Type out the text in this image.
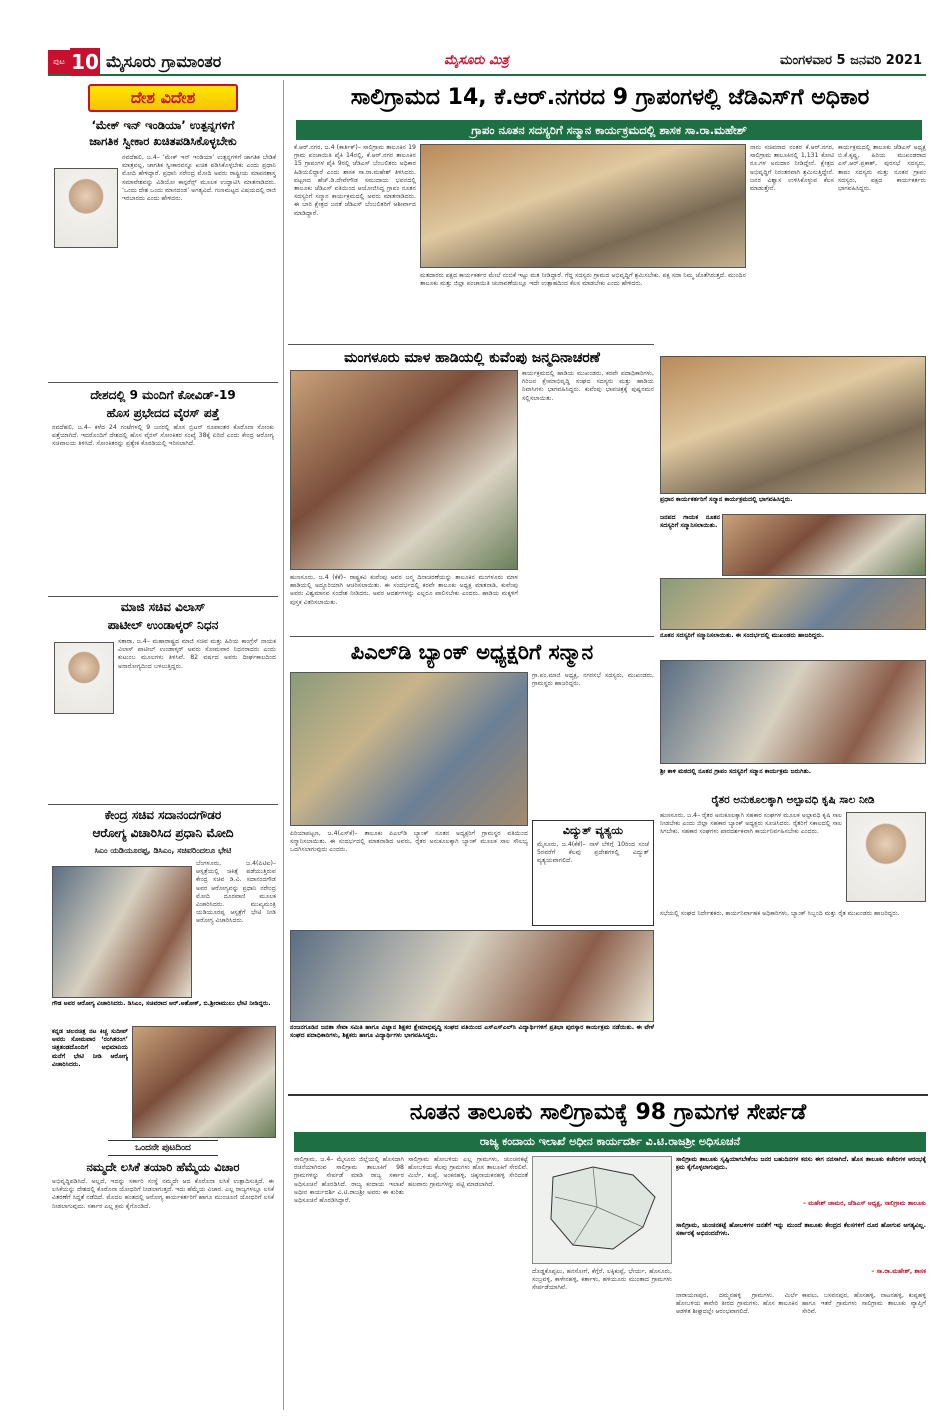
ಪುಟ 10 ಮೈಸೂರು ಗ್ರಾಮಾಂತರ	ಮೈಸೂರು ಮಿತ್ರ	ಮಂಗಳವಾರ 5 ಜನವರಿ 2021
ದೇಶ ವಿದೇಶ
‘ಮೇಕ್ ಇನ್ ಇಂಡಿಯಾ’ ಉತ್ಪನ್ನಗಳಿಗೆ
ಜಾಗತಿಕ ಸ್ವೀಕಾರ ಖಚಿತಪಡಿಸಿಕೊಳ್ಳಬೇಕು
ನವದೆಹಲಿ, ಜ.4– ‘ಮೇಕ್ ಇನ್ ಇಂಡಿಯಾ’ ಉತ್ಪನ್ನಗಳಿಗೆ ಜಾಗತಿಕ ಬೇಡಿಕೆ ಮಾತ್ರವಲ್ಲ, ಜಾಗತಿಕ ಸ್ವೀಕಾರವನ್ನೂ ಖಚಿತ ಪಡಿಸಿಕೊಳ್ಳಬೇಕು ಎಂದು ಪ್ರಧಾನಿ ಮೋದಿ ಹೇಳಿದ್ದಾರೆ. ಪ್ರಧಾನಿ ನರೇಂದ್ರ ಮೋದಿ ಅವರು ರಾಷ್ಟ್ರೀಯ ಮಾಪನಶಾಸ್ತ್ರ ಸಮಾವೇಶವನ್ನು ವಿಡಿಯೋ ಕಾನ್ಫರೆನ್ಸ್ ಮೂಲಕ ಉದ್ಘಾಟಿಸಿ ಮಾತನಾಡಿದರು. ‘ಒಂದು ದೇಶ ಒಂದು ಮಾನದಂಡ’ ಅಗತ್ಯವಿದೆ. ಗುಣಮಟ್ಟದ ವಿಷಯದಲ್ಲಿ ರಾಜಿ ಇರಬಾರದು ಎಂದು ಹೇಳಿದರು.
ದೇಶದಲ್ಲಿ 9 ಮಂದಿಗೆ ಕೋವಿಡ್-19
ಹೊಸ ಪ್ರಭೇದದ ವೈರಸ್ ಪತ್ತೆ
ನವದೆಹಲಿ, ಜ.4– ಕಳೆದ 24 ಗಂಟೆಗಳಲ್ಲಿ 9 ಜನರಲ್ಲಿ ಹೊಸ ಬ್ರಿಟನ್ ರೂಪಾಂತರ ಕೊರೊನಾ ಸೋಂಕು ಪತ್ತೆಯಾಗಿದೆ. ಇದರೊಂದಿಗೆ ದೇಶದಲ್ಲಿ ಹೊಸ ವೈರಸ್ ಸೋಂಕಿತರ ಸಂಖ್ಯೆ 38ಕ್ಕೆ ಏರಿದೆ ಎಂದು ಕೇಂದ್ರ ಆರೋಗ್ಯ ಸಚಿವಾಲಯ ತಿಳಿಸಿದೆ. ಸೋಂಕಿತರನ್ನು ಪ್ರತ್ಯೇಕ ಕೊಠಡಿಯಲ್ಲಿ ಇರಿಸಲಾಗಿದೆ.
ಮಾಜಿ ಸಚಿವ ವಿಲಾಸ್
ಪಾಟೀಲ್ ಉಂಡಾಳ್ಕರ್ ನಿಧನ
ಸತಾರಾ, ಜ.4– ಮಹಾರಾಷ್ಟ್ರದ ಮಾಜಿ ಸಚಿವ ಮತ್ತು ಹಿರಿಯ ಕಾಂಗ್ರೆಸ್ ನಾಯಕ ವಿಲಾಸ್ ಪಾಟೀಲ್ ಉಂಡಾಳ್ಕರ್ ಅವರು ಸೋಮವಾರ ನಿಧನರಾದರು ಎಂದು ಕುಟುಂಬ ಮೂಲಗಳು ತಿಳಿಸಿವೆ. 82 ವರ್ಷದ ಅವರು ದೀರ್ಘಕಾಲದಿಂದ ಅನಾರೋಗ್ಯದಿಂದ ಬಳಲುತ್ತಿದ್ದರು.
ಕೇಂದ್ರ ಸಚಿವ ಸದಾನಂದಗೌಡರ
ಆರೋಗ್ಯ ವಿಚಾರಿಸಿದ ಪ್ರಧಾನಿ ಮೋದಿ
ಸಿಎಂ ಯಡಿಯೂರಪ್ಪ, ಡಿಸಿಎಂ, ಸಚಿವರಿಂದಲೂ ಭೇಟಿ
ಬೆಂಗಳೂರು, ಜ.4(ಪಿಟಿಐ)– ಆಸ್ಪತ್ರೆಯಲ್ಲಿ ಚಿಕಿತ್ಸೆ ಪಡೆಯುತ್ತಿರುವ ಕೇಂದ್ರ ಸಚಿವ ಡಿ.ವಿ. ಸದಾನಂದಗೌಡ ಅವರ ಆರೋಗ್ಯವನ್ನು ಪ್ರಧಾನಿ ನರೇಂದ್ರ ಮೋದಿ ದೂರವಾಣಿ ಮೂಲಕ ವಿಚಾರಿಸಿದರು. ಮುಖ್ಯಮಂತ್ರಿ ಯಡಿಯೂರಪ್ಪ ಆಸ್ಪತ್ರೆಗೆ ಭೇಟಿ ನೀಡಿ ಆರೋಗ್ಯ ವಿಚಾರಿಸಿದರು.
ಗೌಡ ಅವರ ಆರೋಗ್ಯ ವಿಚಾರಿಸಿದರು. ಡಿಸಿಎಂ, ಸಚಿವರಾದ ಆರ್.ಅಶೋಕ್, ಬಿ.ಶ್ರೀರಾಮುಲು ಭೇಟಿ ನೀಡಿದ್ದರು.
ಕನ್ನಡ ಚಲನಚಿತ್ರ ನಟ ಕಿಚ್ಚ ಸುದೀಪ್ ಅವರು ಸೋಮವಾರ ‘ರಂಗಿತರಂಗ’ ಚಿತ್ರತಂಡದೊಂದಿಗೆ ಅಭಿಮಾನಿಯ ಮನೆಗೆ ಭೇಟಿ ನೀಡಿ ಆರೋಗ್ಯ ವಿಚಾರಿಸಿದರು.
ಒಂದನೇ ಪುಟದಿಂದ
ನಮ್ಮದೇ ಲಸಿಕೆ ತಯಾರಿ ಹೆಮ್ಮೆಯ ವಿಚಾರ
ಅಭಿವೃದ್ಧಿಪಡಿಸಿದೆ. ಅಲ್ಲದೆ, ಇದನ್ನು ಸರ್ಕಾರಿ ಸಂಸ್ಥೆ ನಮ್ಮದೇ ಆದ ಕೊರೊನಾ ಲಸಿಕೆ ಉತ್ಪಾದಿಸುತ್ತಿದೆ. ಈ ಲಸಿಕೆಯನ್ನು ದೇಶದಲ್ಲಿ ಕೊರೊನಾ ಯೋಧರಿಗೆ ನೀಡಲಾಗುತ್ತದೆ. ಇದು ಹೆಮ್ಮೆಯ ವಿಚಾರ. ಎಲ್ಲ ರಾಜ್ಯಗಳಲ್ಲೂ ಲಸಿಕೆ ವಿತರಣೆಗೆ ಸಿದ್ಧತೆ ನಡೆದಿದೆ. ಮೊದಲ ಹಂತದಲ್ಲಿ ಆರೋಗ್ಯ ಕಾರ್ಯಕರ್ತರಿಗೆ ಹಾಗೂ ಮುಂಚೂಣಿ ಯೋಧರಿಗೆ ಲಸಿಕೆ ನೀಡಲಾಗುವುದು. ಸರ್ಕಾರ ಎಲ್ಲ ಕ್ರಮ ಕೈಗೊಂಡಿದೆ.
ಸಾಲಿಗ್ರಾಮದ 14, ಕೆ.ಆರ್.ನಗರದ 9 ಗ್ರಾಪಂಗಳಲ್ಲಿ ಜೆಡಿಎಸ್‌ಗೆ ಅಧಿಕಾರ
ಗ್ರಾಪಂ ನೂತನ ಸದಸ್ಯರಿಗೆ ಸನ್ಮಾನ ಕಾರ್ಯಕ್ರಮದಲ್ಲಿ ಶಾಸಕ ಸಾ.ರಾ.ಮಹೇಶ್
ಕೆ.ಆರ್.ನಗರ, ಜ.4 (ಕಾರ್ತಿಕ್)– ಸಾಲಿಗ್ರಾಮ ತಾಲೂಕಿನ 19 ಗ್ರಾಮ ಪಂಚಾಯಿತಿ ಪೈಕಿ 14ರಲ್ಲಿ, ಕೆ.ಆರ್.ನಗರ ತಾಲೂಕಿನ 15 ಗ್ರಾಪಂಗಳ ಪೈಕಿ 9ರಲ್ಲಿ ಜೆಡಿಎಸ್ ಬೆಂಬಲಿತರು ಅಧಿಕಾರ ಹಿಡಿಯಲಿದ್ದಾರೆ ಎಂದು ಶಾಸಕ ಸಾ.ರಾ.ಮಹೇಶ್ ತಿಳಿಸಿದರು. ಪಟ್ಟಣದ ಹೆಚ್.ಡಿ.ದೇವೇಗೌಡ ಸಮುದಾಯ ಭವನದಲ್ಲಿ ತಾಲೂಕು ಜೆಡಿಎಸ್ ವತಿಯಿಂದ ಆಯೋಜಿಸಿದ್ದ ಗ್ರಾಪಂ ನೂತನ ಸದಸ್ಯರಿಗೆ ಸನ್ಮಾನ ಕಾರ್ಯಕ್ರಮದಲ್ಲಿ ಅವರು ಮಾತನಾಡಿದರು. ಈ ಬಾರಿ ಕ್ಷೇತ್ರದ ಜನತೆ ಜೆಡಿಎಸ್ ಬೆಂಬಲಿತರಿಗೆ ಆಶೀರ್ವಾದ ಮಾಡಿದ್ದಾರೆ.
ಮತದಾರರು ಪಕ್ಷದ ಕಾರ್ಯಕರ್ತರ ಮೇಲೆ ನಂಬಿಕೆ ಇಟ್ಟು ಮತ ನೀಡಿದ್ದಾರೆ. ಗೆದ್ದ ಸದಸ್ಯರು ಗ್ರಾಮದ ಅಭಿವೃದ್ಧಿಗೆ ಶ್ರಮಿಸಬೇಕು. ಪಕ್ಷ ಸದಾ ನಿಮ್ಮ ಜೊತೆಗಿರುತ್ತದೆ. ಮುಂದಿನ ತಾಲೂಕು ಮತ್ತು ಜಿಲ್ಲಾ ಪಂಚಾಯಿತಿ ಚುನಾವಣೆಯಲ್ಲೂ ಇದೇ ಉತ್ಸಾಹದಿಂದ ಕೆಲಸ ಮಾಡಬೇಕು ಎಂದು ಹೇಳಿದರು.
ನಾನು ಸಚಿವನಾದ ನಂತರ ಕೆ.ಆರ್.ನಗರ, ಸಾಲಿಗ್ರಾಮ ತಾಲೂಕಿನಲ್ಲಿ 1,131 ಕೋಟಿ ರೂ.ಗಳ ಅನುದಾನ ನೀಡಿದ್ದೇನೆ. ಕ್ಷೇತ್ರದ ಅಭಿವೃದ್ಧಿಗೆ ನಿರಂತರವಾಗಿ ಶ್ರಮಿಸುತ್ತಿದ್ದೇನೆ. ಜನರ ವಿಶ್ವಾಸ ಉಳಿಸಿಕೊಳ್ಳುವ ಕೆಲಸ ಮಾಡುತ್ತೇನೆ.
ಕಾರ್ಯಕ್ರಮದಲ್ಲಿ ತಾಲೂಕು ಜೆಡಿಎಸ್ ಅಧ್ಯಕ್ಷ ಬಿ.ಕೆ.ಕೃಷ್ಣ, ಹಿರಿಯ ಮುಖಂಡರಾದ ಎಸ್.ಆರ್.ಪ್ರಕಾಶ್, ಪುರಸಭೆ ಸದಸ್ಯರು, ತಾಪಂ ಸದಸ್ಯರು ಮತ್ತು ನೂತನ ಗ್ರಾಪಂ ಸದಸ್ಯರು, ಪಕ್ಷದ ಕಾರ್ಯಕರ್ತರು ಭಾಗವಹಿಸಿದ್ದರು.
ಮಂಗಳೂರು ಮಾಳ ಹಾಡಿಯಲ್ಲಿ ಕುವೆಂಪು ಜನ್ಮದಿನಾಚರಣೆ
ಹುಣಸೂರು, ಜ.4 (ಕೆಕೆ)– ರಾಷ್ಟ್ರಕವಿ ಕುವೆಂಪು ಅವರ ಜನ್ಮ ದಿನಾಚರಣೆಯನ್ನು ತಾಲೂಕಿನ ಮಂಗಳೂರು ಮಾಳ ಹಾಡಿಯಲ್ಲಿ ಅದ್ದೂರಿಯಾಗಿ ಆಚರಿಸಲಾಯಿತು. ಈ ಸಂದರ್ಭದಲ್ಲಿ ಕರವೇ ತಾಲೂಕು ಅಧ್ಯಕ್ಷ ಮಾತನಾಡಿ, ಕುವೆಂಪು ಅವರು ವಿಶ್ವಮಾನವ ಸಂದೇಶ ನೀಡಿದರು. ಅವರ ಆದರ್ಶಗಳನ್ನು ಎಲ್ಲರೂ ಪಾಲಿಸಬೇಕು ಎಂದರು. ಹಾಡಿಯ ಮಕ್ಕಳಿಗೆ ಪುಸ್ತಕ ವಿತರಿಸಲಾಯಿತು.
ಕಾರ್ಯಕ್ರಮದಲ್ಲಿ ಹಾಡಿಯ ಮುಖಂಡರು, ಕರವೇ ಪದಾಧಿಕಾರಿಗಳು, ಗಿರಿಜನ ಕ್ಷೇಮಾಭಿವೃದ್ಧಿ ಸಂಘದ ಸದಸ್ಯರು ಮತ್ತು ಹಾಡಿಯ ನಿವಾಸಿಗಳು ಭಾಗವಹಿಸಿದ್ದರು. ಕುವೆಂಪು ಭಾವಚಿತ್ರಕ್ಕೆ ಪುಷ್ಪನಮನ ಸಲ್ಲಿಸಲಾಯಿತು.
ಪಿಎಲ್‌ಡಿ ಬ್ಯಾಂಕ್ ಅಧ್ಯಕ್ಷರಿಗೆ ಸನ್ಮಾನ
ಪಿರಿಯಾಪಟ್ಟಣ, ಜ.4(ಎಸ್‌ಕೆ)– ತಾಲೂಕು ಪಿಎಲ್‌ಡಿ ಬ್ಯಾಂಕ್ ನೂತನ ಅಧ್ಯಕ್ಷರಿಗೆ ಗ್ರಾಮಸ್ಥರ ವತಿಯಿಂದ ಸನ್ಮಾನಿಸಲಾಯಿತು. ಈ ಸಂದರ್ಭದಲ್ಲಿ ಮಾತನಾಡಿದ ಅವರು, ರೈತರ ಅನುಕೂಲಕ್ಕಾಗಿ ಬ್ಯಾಂಕ್ ಮೂಲಕ ಸಾಲ ಸೌಲಭ್ಯ ಒದಗಿಸಲಾಗುವುದು ಎಂದರು.
ಗ್ರಾ.ಪಂ.ಮಾಜಿ ಅಧ್ಯಕ್ಷ, ನಗರಸಭೆ ಸದಸ್ಯರು, ಮುಖಂಡರು, ಗ್ರಾಮಸ್ಥರು ಹಾಜರಿದ್ದರು.
ವಿದ್ಯುತ್ ವ್ಯತ್ಯಯ
ಮೈಸೂರು, ಜ.4(ಕೆಕೆ)– ನಾಳೆ ಬೆಳಿಗ್ಗೆ 10ರಿಂದ ಸಂಜೆ 5ರವರೆಗೆ ಕೆಲವು ಪ್ರದೇಶಗಳಲ್ಲಿ ವಿದ್ಯುತ್ ವ್ಯತ್ಯಯವಾಗಲಿದೆ.
ನಂಜನಗೂಡಿನ ಜನತಾ ಸೇವಾ ಸಮಿತಿ ಹಾಗೂ ವಿಜ್ಞಾನ ಶಿಕ್ಷಕರ ಕ್ಷೇಮಾಭಿವೃದ್ಧಿ ಸಂಘದ ವತಿಯಿಂದ ಎಸ್‌ಎಸ್‌ಎಲ್‌ಸಿ ವಿದ್ಯಾರ್ಥಿಗಳಿಗೆ ಪ್ರತಿಭಾ ಪುರಸ್ಕಾರ ಕಾರ್ಯಕ್ರಮ ನಡೆಯಿತು. ಈ ವೇಳೆ ಸಂಘದ ಪದಾಧಿಕಾರಿಗಳು, ಶಿಕ್ಷಕರು ಹಾಗೂ ವಿದ್ಯಾರ್ಥಿಗಳು ಭಾಗವಹಿಸಿದ್ದರು.
ಪ್ರಧಾನ ಕಾರ್ಯಕರ್ತರಿಗೆ ಸನ್ಮಾನ ಕಾರ್ಯಕ್ರಮದಲ್ಲಿ ಭಾಗವಹಿಸಿದ್ದರು.
ಜನಪದ ಗಾಯಕ ನೂತನ ಸದಸ್ಯರಿಗೆ ಸನ್ಮಾನಿಸಲಾಯಿತು.
ನೂತನ ಸದಸ್ಯರಿಗೆ ಸನ್ಮಾನಿಸಲಾಯಿತು. ಈ ಸಂದರ್ಭದಲ್ಲಿ ಮುಖಂಡರು ಹಾಜರಿದ್ದರು.
ಶ್ರೀ ಕಾಳಿ ಮಠದಲ್ಲಿ ನೂತನ ಗ್ರಾಪಂ ಸದಸ್ಯರಿಗೆ ಸನ್ಮಾನ ಕಾರ್ಯಕ್ರಮ ಜರುಗಿತು.
ರೈತರ ಅನುಕೂಲಕ್ಕಾಗಿ ಅಲ್ಪಾವಧಿ ಕೃಷಿ ಸಾಲ ನೀಡಿ
ಹುಣಸೂರು, ಜ.4– ರೈತರ ಅನುಕೂಲಕ್ಕಾಗಿ ಸಹಕಾರ ಸಂಘಗಳ ಮೂಲಕ ಅಲ್ಪಾವಧಿ ಕೃಷಿ ಸಾಲ ನೀಡಬೇಕು ಎಂದು ಜಿಲ್ಲಾ ಸಹಕಾರ ಬ್ಯಾಂಕ್ ಅಧ್ಯಕ್ಷರು ಸೂಚಿಸಿದರು. ರೈತರಿಗೆ ಸಕಾಲದಲ್ಲಿ ಸಾಲ ಸಿಗಬೇಕು. ಸಹಕಾರ ಸಂಘಗಳು ಪಾರದರ್ಶಕವಾಗಿ ಕಾರ್ಯನಿರ್ವಹಿಸಬೇಕು ಎಂದರು.
ಸಭೆಯಲ್ಲಿ ಸಂಘದ ನಿರ್ದೇಶಕರು, ಕಾರ್ಯನಿರ್ವಾಹಕ ಅಧಿಕಾರಿಗಳು, ಬ್ಯಾಂಕ್ ಸಿಬ್ಬಂದಿ ಮತ್ತು ರೈತ ಮುಖಂಡರು ಹಾಜರಿದ್ದರು.
ನೂತನ ತಾಲೂಕು ಸಾಲಿಗ್ರಾಮಕ್ಕೆ 98 ಗ್ರಾಮಗಳ ಸೇರ್ಪಡೆ
ರಾಜ್ಯ ಕಂದಾಯ ಇಲಾಖೆ ಅಧೀನ ಕಾರ್ಯದರ್ಶಿ ವಿ.ಟಿ.ರಾಜಶ್ರೀ ಅಧಿಸೂಚನೆ
ಸಾಲಿಗ್ರಾಮ, ಜ.4– ಮೈಸೂರು ಜಿಲ್ಲೆಯಲ್ಲಿ ಹೊಸದಾಗಿ ರಚನೆಯಾಗಿರುವ ಸಾಲಿಗ್ರಾಮ ತಾಲೂಕಿಗೆ 98 ಗ್ರಾಮಗಳನ್ನು ಸೇರ್ಪಡೆ ಮಾಡಿ ರಾಜ್ಯ ಸರ್ಕಾರ ಅಧಿಸೂಚನೆ ಹೊರಡಿಸಿದೆ. ರಾಜ್ಯ ಕಂದಾಯ ಇಲಾಖೆ ಅಧೀನ ಕಾರ್ಯದರ್ಶಿ ವಿ.ಟಿ.ರಾಜಶ್ರೀ ಅವರು ಈ ಕುರಿತು ಅಧಿಸೂಚನೆ ಹೊರಡಿಸಿದ್ದಾರೆ.
ಸಾಲಿಗ್ರಾಮ ಹೋಬಳಿಯ ಎಲ್ಲ ಗ್ರಾಮಗಳು, ಚುಂಚನಕಟ್ಟೆ ಹೋಬಳಿಯ ಕೆಲವು ಗ್ರಾಮಗಳು ಹೊಸ ತಾಲೂಕಿಗೆ ಸೇರಲಿವೆ. ಮಿರ್ಲೆ, ಕುಪ್ಪೆ, ಅಂಕನಹಳ್ಳಿ, ಚಿಕ್ಕನಾಯಕನಹಳ್ಳಿ ಸೇರಿದಂತೆ ಹಲವಾರು ಗ್ರಾಮಗಳನ್ನು ಪಟ್ಟಿ ಮಾಡಲಾಗಿದೆ.
ದೊಡ್ಡಕೊಪ್ಪಲು, ಹನಸೋಗೆ, ಕೆಗ್ಗೆರೆ, ಲಕ್ಕಿಕುಪ್ಪೆ, ಭೇರ್ಯ, ಹೊಸೂರು, ಸಂಬ್ರವಳ್ಳಿ, ಕಾಳೇನಹಳ್ಳಿ, ಕರ್ತಾಳು, ಹಳಿಯೂರು ಮುಂತಾದ ಗ್ರಾಮಗಳು ಸೇರ್ಪಡೆಯಾಗಿವೆ.
ಸಾಲಿಗ್ರಾಮ ತಾಲೂಕು ಸೃಷ್ಟಿಯಾಗಬೇಕೆಂಬ ಜನರ ಬಹುದಿನಗಳ ಕನಸು ಈಗ ನನಸಾಗಿದೆ. ಹೊಸ ತಾಲೂಕು ಕಚೇರಿಗಳ ಆರಂಭಕ್ಕೆ ಕ್ರಮ ಕೈಗೊಳ್ಳಲಾಗುವುದು.
– ಮಹೇಶ್ ಚಾಮರ, ಜೆಡಿಎಸ್ ಅಧ್ಯಕ್ಷ, ಸಾಲಿಗ್ರಾಮ ತಾಲೂಕು
ಸಾಲಿಗ್ರಾಮ, ಚುಂಚನಕಟ್ಟೆ ಹೋಬಳಿಗಳ ಜನತೆಗೆ ಇನ್ನು ಮುಂದೆ ತಾಲೂಕು ಕೇಂದ್ರದ ಕೆಲಸಗಳಿಗೆ ದೂರ ಹೋಗುವ ಅಗತ್ಯವಿಲ್ಲ. ಸರ್ಕಾರಕ್ಕೆ ಅಭಿನಂದನೆಗಳು.
– ಸಾ.ರಾ.ಮಹೇಶ್, ಶಾಸಕ
ನಾರಾಯಣಪುರ, ದಮ್ಮನಹಳ್ಳಿ ಗ್ರಾಮಗಳು. ಮಿರ್ಲೆ ಹೋಬಳಿಯ ಕಾವೇರಿ ತೀರದ ಗ್ರಾಮಗಳು. ಹೊಸ ತಾಲೂಕಿನ ಆಡಳಿತ ಶೀಘ್ರದಲ್ಲೇ ಆರಂಭವಾಗಲಿದೆ.
ಕಾವಲು, ಬಸವನಪುರ, ಹೊಸಹಳ್ಳಿ, ನಾಟನಹಳ್ಳಿ, ಕುಪ್ಪಹಳ್ಳಿ ಹಾಗೂ ಇತರೆ ಗ್ರಾಮಗಳು ಸಾಲಿಗ್ರಾಮ ತಾಲೂಕು ವ್ಯಾಪ್ತಿಗೆ ಸೇರಿವೆ.
